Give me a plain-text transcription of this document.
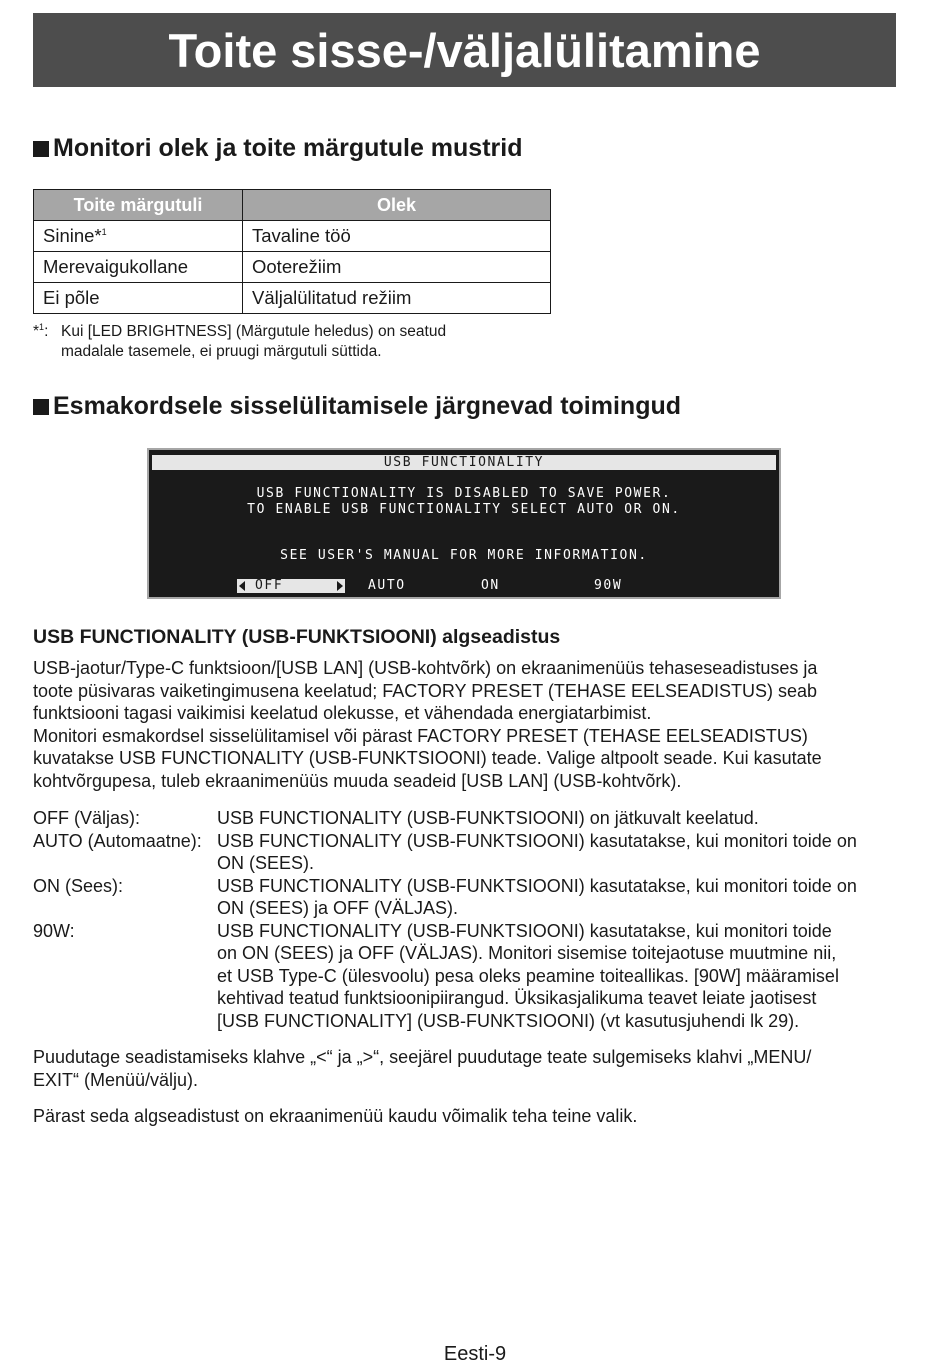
Toite sisse-/väljalülitamine
Monitori olek ja toite märgutule mustrid
Toite märgutuli	Olek
Sinine*$^1$	Tavaline töö
Merevaigukollane	Ooterežiim
Ei põle	Väljalülitatud režiim
*$^1$: Kui [LED BRIGHTNESS] (Märgutule heledus) on seatud
madalale tasemele, ei pruugi märgutuli süttida.
Esmakordsele sisselülitamisele järgnevad toimingud
USB FUNCTIONALITY
USB FUNCTIONALITY IS DISABLED TO SAVE POWER.
TO ENABLE USB FUNCTIONALITY SELECT AUTO OR ON.
SEE USER'S MANUAL FOR MORE INFORMATION.
OFF	AUTO	ON	90W
USB FUNCTIONALITY (USB-FUNKTSIOONI) algseadistus
USB-jaotur/Type-C funktsioon/[USB LAN] (USB-kohtvõrk) on ekraanimenüüs tehaseseadistuses ja
toote püsivaras vaiketingimusena keelatud; FACTORY PRESET (TEHASE EELSEADISTUS) seab
funktsiooni tagasi vaikimisi keelatud olekusse, et vähendada energiatarbimist.
Monitori esmakordsel sisselülitamisel või pärast FACTORY PRESET (TEHASE EELSEADISTUS)
kuvatakse USB FUNCTIONALITY (USB-FUNKTSIOONI) teade. Valige altpoolt seade. Kui kasutate
kohtvõrgupesa, tuleb ekraanimenüüs muuda seadeid [USB LAN] (USB-kohtvõrk).
OFF (Väljas):	USB FUNCTIONALITY (USB-FUNKTSIOONI) on jätkuvalt keelatud.
AUTO (Automaatne): USB FUNCTIONALITY (USB-FUNKTSIOONI) kasutatakse, kui monitori toide on
ON (SEES).
ON (Sees):	USB FUNCTIONALITY (USB-FUNKTSIOONI) kasutatakse, kui monitori toide on
ON (SEES) ja OFF (VÄLJAS).
90W:	USB FUNCTIONALITY (USB-FUNKTSIOONI) kasutatakse, kui monitori toide
on ON (SEES) ja OFF (VÄLJAS). Monitori sisemise toitejaotuse muutmine nii,
et USB Type-C (ülesvoolu) pesa oleks peamine toiteallikas. [90W] määramisel
kehtivad teatud funktsioonipiirangud. Üksikasjalikuma teavet leiate jaotisest
[USB FUNCTIONALITY] (USB-FUNKTSIOONI) (vt kasutusjuhendi lk 29).
Puudutage seadistamiseks klahve „<“ ja „>“, seejärel puudutage teate sulgemiseks klahvi „MENU/
EXIT“ (Menüü/välju).
Pärast seda algseadistust on ekraanimenüü kaudu võimalik teha teine valik.
Eesti-9
